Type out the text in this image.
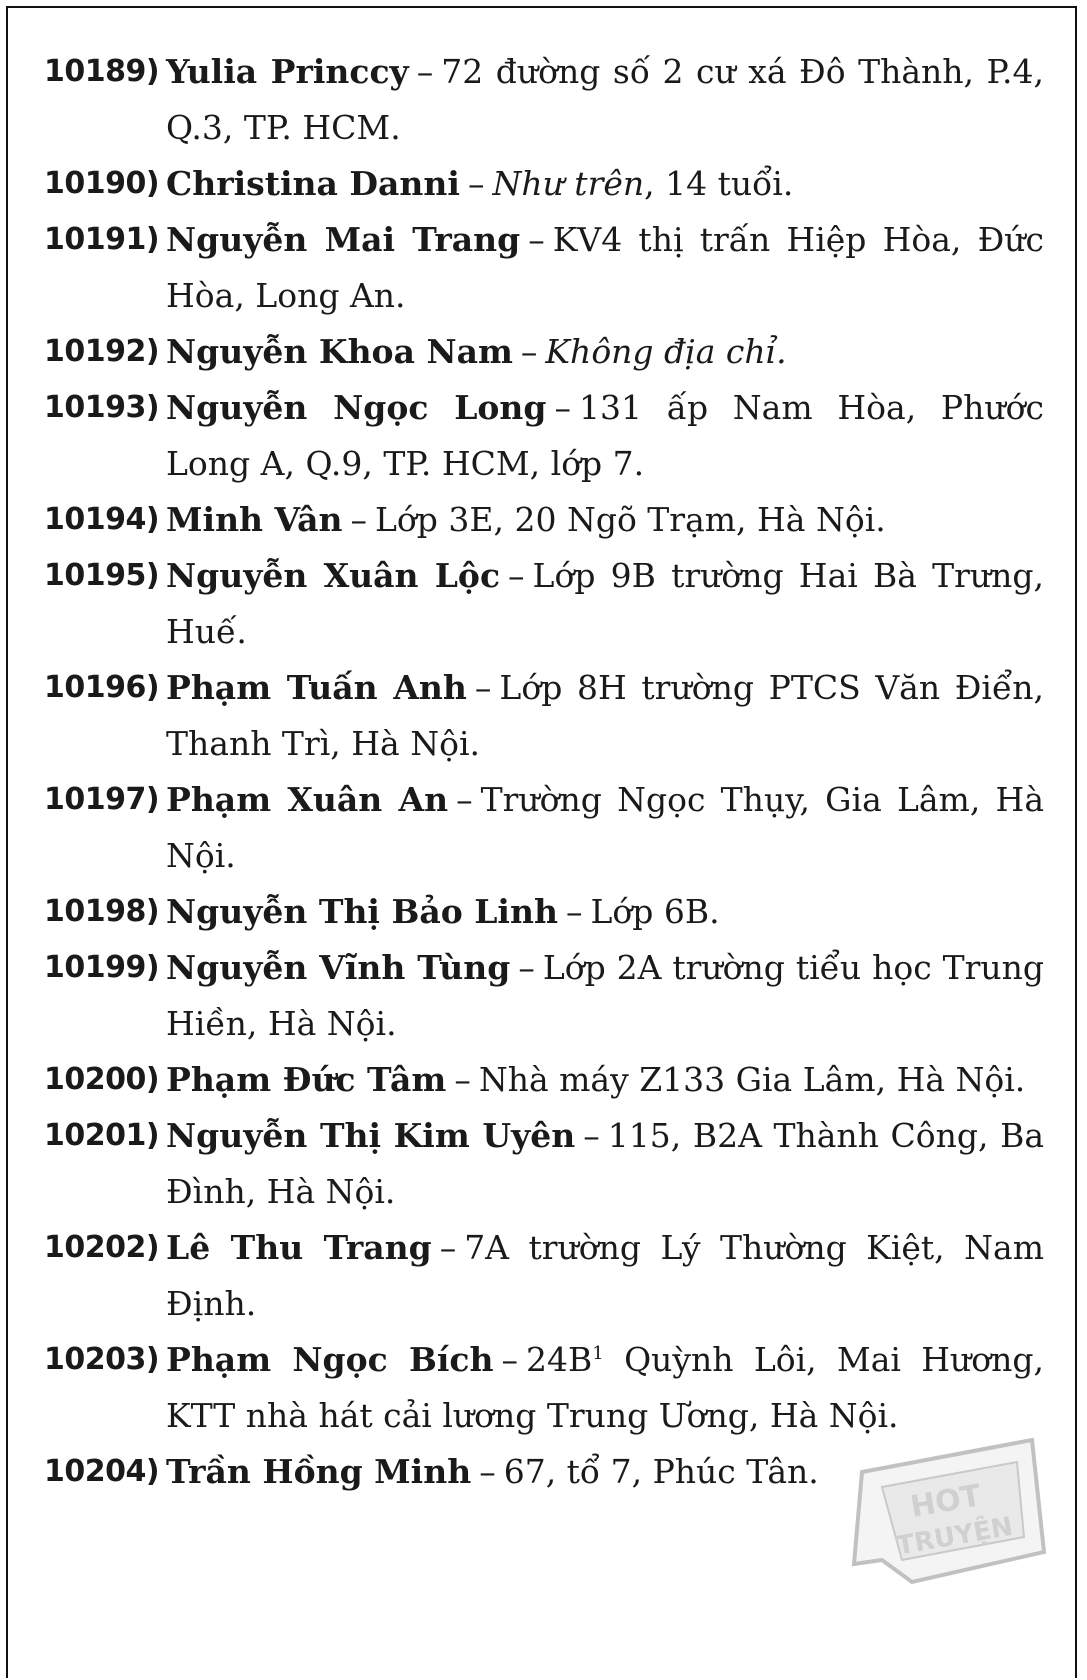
10189) Yulia Princcy – 72 đường số 2 cư xá Đô Thành, P.4, Q.3, TP. HCM.
10190) Christina Danni – Như trên, 14 tuổi.
10191) Nguyễn Mai Trang – KV4 thị trấn Hiệp Hòa, Đức Hòa, Long An.
10192) Nguyễn Khoa Nam – Không địa chỉ.
10193) Nguyễn Ngọc Long – 131 ấp Nam Hòa, Phước Long A, Q.9, TP. HCM, lớp 7.
10194) Minh Vân – Lớp 3E, 20 Ngõ Trạm, Hà Nội.
10195) Nguyễn Xuân Lộc – Lớp 9B trường Hai Bà Trưng, Huế.
10196) Phạm Tuấn Anh – Lớp 8H trường PTCS Văn Điển, Thanh Trì, Hà Nội.
10197) Phạm Xuân An – Trường Ngọc Thụy, Gia Lâm, Hà Nội.
10198) Nguyễn Thị Bảo Linh – Lớp 6B.
10199) Nguyễn Vĩnh Tùng – Lớp 2A trường tiểu học Trung Hiền, Hà Nội.
10200) Phạm Đức Tâm – Nhà máy Z133 Gia Lâm, Hà Nội.
10201) Nguyễn Thị Kim Uyên – 115, B2A Thành Công, Ba Đình, Hà Nội.
10202) Lê Thu Trang – 7A trường Lý Thường Kiệt, Nam Định.
10203) Phạm Ngọc Bích – $24B^1$ Quỳnh Lôi, Mai Hương, KTT nhà hát cải lương Trung Ương, Hà Nội.
10204) Trần Hồng Minh – 67, tổ 7, Phúc Tân.
HOT
TRUYỆN
